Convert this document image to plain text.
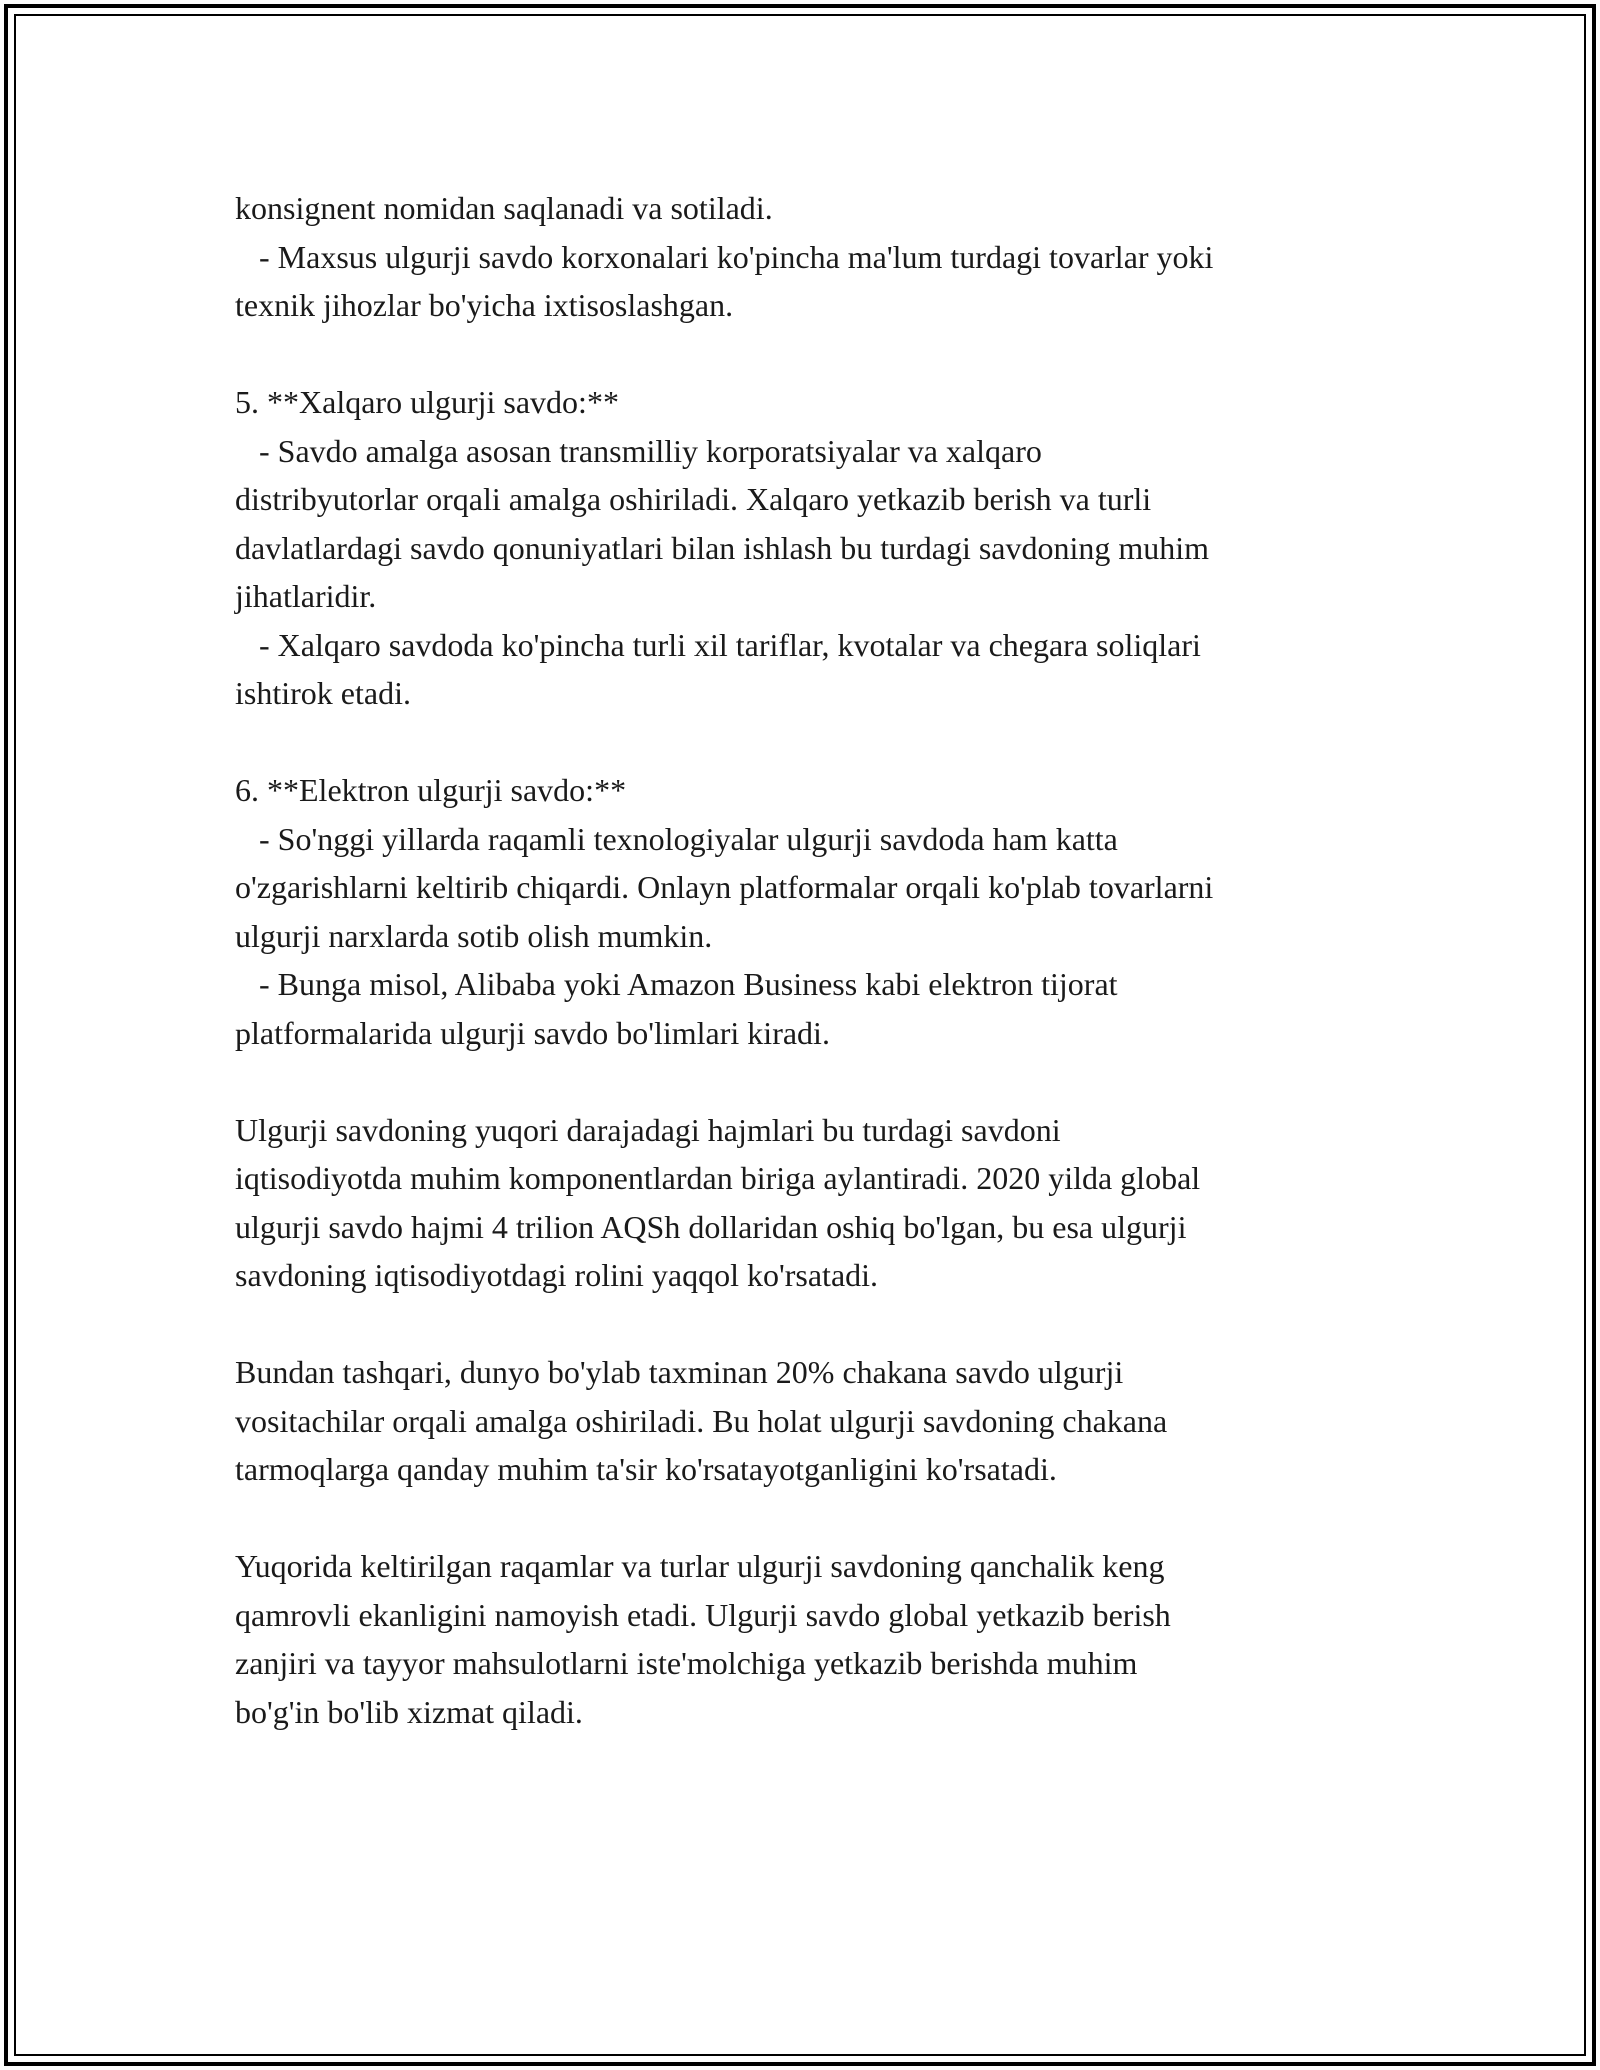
konsignent nomidan saqlanadi va sotiladi.

- Maxsus ulgurji savdo korxonalari ko'pincha ma'lum turdagi tovarlar yoki

texnik jihozlar bo'yicha ixtisoslashgan.

5. **Xalqaro ulgurji savdo:**

- Savdo amalga asosan transmilliy korporatsiyalar va xalqaro

distribyutorlar orqali amalga oshiriladi. Xalqaro yetkazib berish va turli

davlatlardagi savdo qonuniyatlari bilan ishlash bu turdagi savdoning muhim

jihatlaridir.

- Xalqaro savdoda ko'pincha turli xil tariflar, kvotalar va chegara soliqlari

ishtirok etadi.

6. **Elektron ulgurji savdo:**

- So'nggi yillarda raqamli texnologiyalar ulgurji savdoda ham katta

o'zgarishlarni keltirib chiqardi. Onlayn platformalar orqali ko'plab tovarlarni

ulgurji narxlarda sotib olish mumkin.

- Bunga misol, Alibaba yoki Amazon Business kabi elektron tijorat

platformalarida ulgurji savdo bo'limlari kiradi.

Ulgurji savdoning yuqori darajadagi hajmlari bu turdagi savdoni

iqtisodiyotda muhim komponentlardan biriga aylantiradi. 2020 yilda global

ulgurji savdo hajmi 4 trilion AQSh dollaridan oshiq bo'lgan, bu esa ulgurji

savdoning iqtisodiyotdagi rolini yaqqol ko'rsatadi.

Bundan tashqari, dunyo bo'ylab taxminan 20% chakana savdo ulgurji

vositachilar orqali amalga oshiriladi. Bu holat ulgurji savdoning chakana

tarmoqlarga qanday muhim ta'sir ko'rsatayotganligini ko'rsatadi.

Yuqorida keltirilgan raqamlar va turlar ulgurji savdoning qanchalik keng

qamrovli ekanligini namoyish etadi. Ulgurji savdo global yetkazib berish

zanjiri va tayyor mahsulotlarni iste'molchiga yetkazib berishda muhim

bo'g'in bo'lib xizmat qiladi.
